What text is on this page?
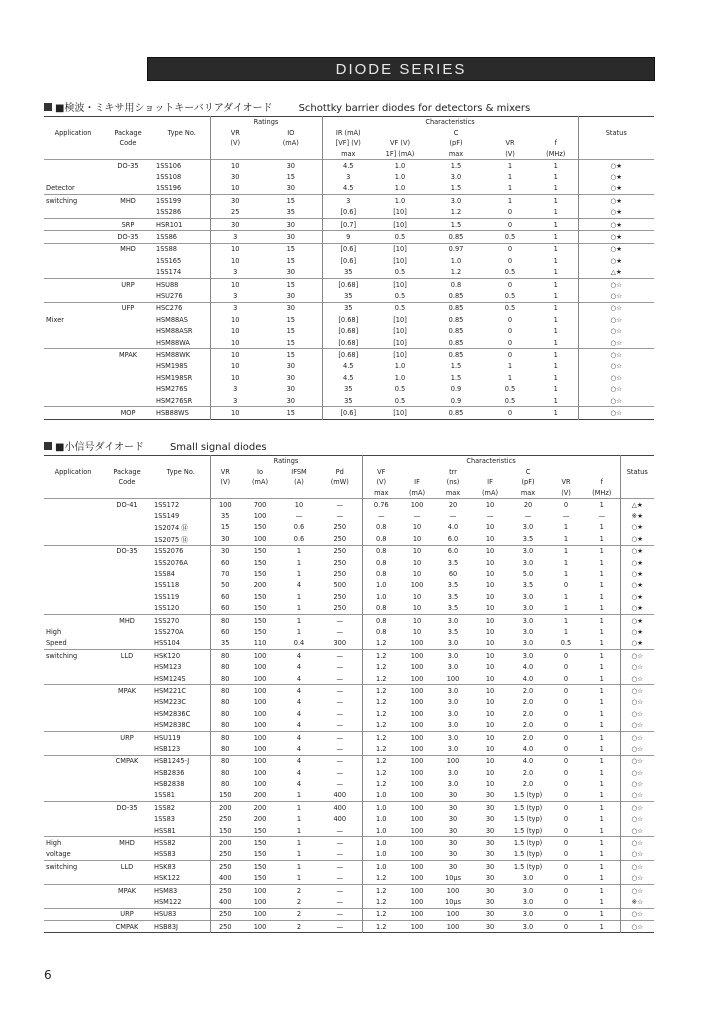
DIODE SERIES
■検波・ミキサ用ショットキーバリアダイオード	Schottky barrier diodes for detectors & mixers
			Ratings		Characteristics					
Application	Package	Type No.	VR	IO	IR (mA)		C			Status
	Code		(V)	(mA)	[VF] (V)	VF (V)	(pF)	VR	f	
					max	1F] (mA)	max	(V)	(MHz)	
	DO-35	1SS106	10	30	4.5	1.0	1.5	1	1	○★
		1SS108	30	15	3	1.0	3.0	1	1	○★
Detector		1SS196	10	30	4.5	1.0	1.5	1	1	○★
switching	MHD	1SS199	30	15	3	1.0	3.0	1	1	○★
		1SS286	25	35	[0.6]	[10]	1.2	0	1	○★
	SRP	HSR101	30	30	[0.7]	[10]	1.5	0	1	○★
	DO-35	1SS86	3	30	9	0.5	0.85	0.5	1	○★
	MHD	1SS88	10	15	[0.6]	[10]	0.97	0	1	○★
		1SS165	10	15	[0.6]	[10]	1.0	0	1	○★
		1SS174	3	30	35	0.5	1.2	0.5	1	△★
	URP	HSU88	10	15	[0.68]	[10]	0.8	0	1	○☆
		HSU276	3	30	35	0.5	0.85	0.5	1	○☆
	UFP	HSC276	3	30	35	0.5	0.85	0.5	1	○☆
Mixer		HSM88AS	10	15	[0.68]	[10]	0.85	0	1	○☆
		HSM88ASR	10	15	[0.68]	[10]	0.85	0	1	○☆
		HSM88WA	10	15	[0.68]	[10]	0.85	0	1	○☆
	MPAK	HSM88WK	10	15	[0.68]	[10]	0.85	0	1	○☆
		HSM198S	10	30	4.5	1.0	1.5	1	1	○☆
		HSM198SR	10	30	4.5	1.0	1.5	1	1	○☆
		HSM276S	3	30	35	0.5	0.9	0.5	1	○☆
		HSM276SR	3	30	35	0.5	0.9	0.5	1	○☆
	MOP	HSB88WS	10	15	[0.6]	[10]	0.85	0	1	○☆
■小信号ダイオード	Small signal diodes
			Ratings				Characteristics							
Application	Package	Type No.	VR	Io	IFSM	Pd	VF		trr		C			Status
	Code		(V)	(mA)	(A)	(mW)	(V)	IF	(ns)	IF	(pF)	VR	f	
							max	(mA)	max	(mA)	max	(V)	(MHz)	
	DO-41	1SS172	100	700	10	—	0.76	100	20	10	20	0	1	△★
		1SS149	35	100	—	—	—	—	—	—	—	—	—	※★
		1S2074 ⑭	15	150	0.6	250	0.8	10	4.0	10	3.0	1	1	○★
		1S2075 ⑭	30	100	0.6	250	0.8	10	6.0	10	3.5	1	1	○★
	DO-35	1SS2076	30	150	1	250	0.8	10	6.0	10	3.0	1	1	○★
		1SS2076A	60	150	1	250	0.8	10	3.5	10	3.0	1	1	○★
		1SS84	70	150	1	250	0.8	10	60	10	5.0	1	1	○★
		1SS118	50	200	4	500	1.0	100	3.5	10	3.5	0	1	○★
		1SS119	60	150	1	250	1.0	10	3.5	10	3.0	1	1	○★
		1SS120	60	150	1	250	0.8	10	3.5	10	3.0	1	1	○★
	MHD	1SS270	80	150	1	—	0.8	10	3.0	10	3.0	1	1	○★
High		1SS270A	60	150	1	—	0.8	10	3.5	10	3.0	1	1	○★
Speed		HSS104	35	110	0.4	300	1.2	100	3.0	10	3.0	0.5	1	○★
switching	LLD	HSK120	80	100	4	—	1.2	100	3.0	10	3.0	0	1	○☆
		HSM123	80	100	4	—	1.2	100	3.0	10	4.0	0	1	○☆
		HSM124S	80	100	4	—	1.2	100	100	10	4.0	0	1	○☆
	MPAK	HSM221C	80	100	4	—	1.2	100	3.0	10	2.0	0	1	○☆
		HSM223C	80	100	4	—	1.2	100	3.0	10	2.0	0	1	○☆
		HSM2836C	80	100	4	—	1.2	100	3.0	10	2.0	0	1	○☆
		HSM2838C	80	100	4	—	1.2	100	3.0	10	2.0	0	1	○☆
	URP	HSU119	80	100	4	—	1.2	100	3.0	10	2.0	0	1	○☆
		HSB123	80	100	4	—	1.2	100	3.0	10	4.0	0	1	○☆
	CMPAK	HSB1245-J	80	100	4	—	1.2	100	100	10	4.0	0	1	○☆
		HSB2836	80	100	4	—	1.2	100	3.0	10	2.0	0	1	○☆
		HSB2838	80	100	4	—	1.2	100	3.0	10	2.0	0	1	○☆
		1SS81	150	200	1	400	1.0	100	30	30	1.5 (typ)	0	1	○☆
	DO-35	1SS82	200	200	1	400	1.0	100	30	30	1.5 (typ)	0	1	○☆
		1SS83	250	200	1	400	1.0	100	30	30	1.5 (typ)	0	1	○☆
		HSS81	150	150	1	—	1.0	100	30	30	1.5 (typ)	0	1	○☆
High	MHD	HSS82	200	150	1	—	1.0	100	30	30	1.5 (typ)	0	1	○☆
voltage		HSS83	250	150	1	—	1.0	100	30	30	1.5 (typ)	0	1	○☆
switching	LLD	HSK83	250	150	1	—	1.0	100	30	30	1.5 (typ)	0	1	○☆
		HSK122	400	150	1	—	1.2	100	10μs	30	3.0	0	1	○☆
	MPAK	HSM83	250	100	2	—	1.2	100	100	30	3.0	0	1	○☆
		HSM122	400	100	2	—	1.2	100	10μs	30	3.0	0	1	※☆
	URP	HSU83	250	100	2	—	1.2	100	100	30	3.0	0	1	○☆
	CMPAK	HSB83J	250	100	2	—	1.2	100	100	30	3.0	0	1	○☆
6
